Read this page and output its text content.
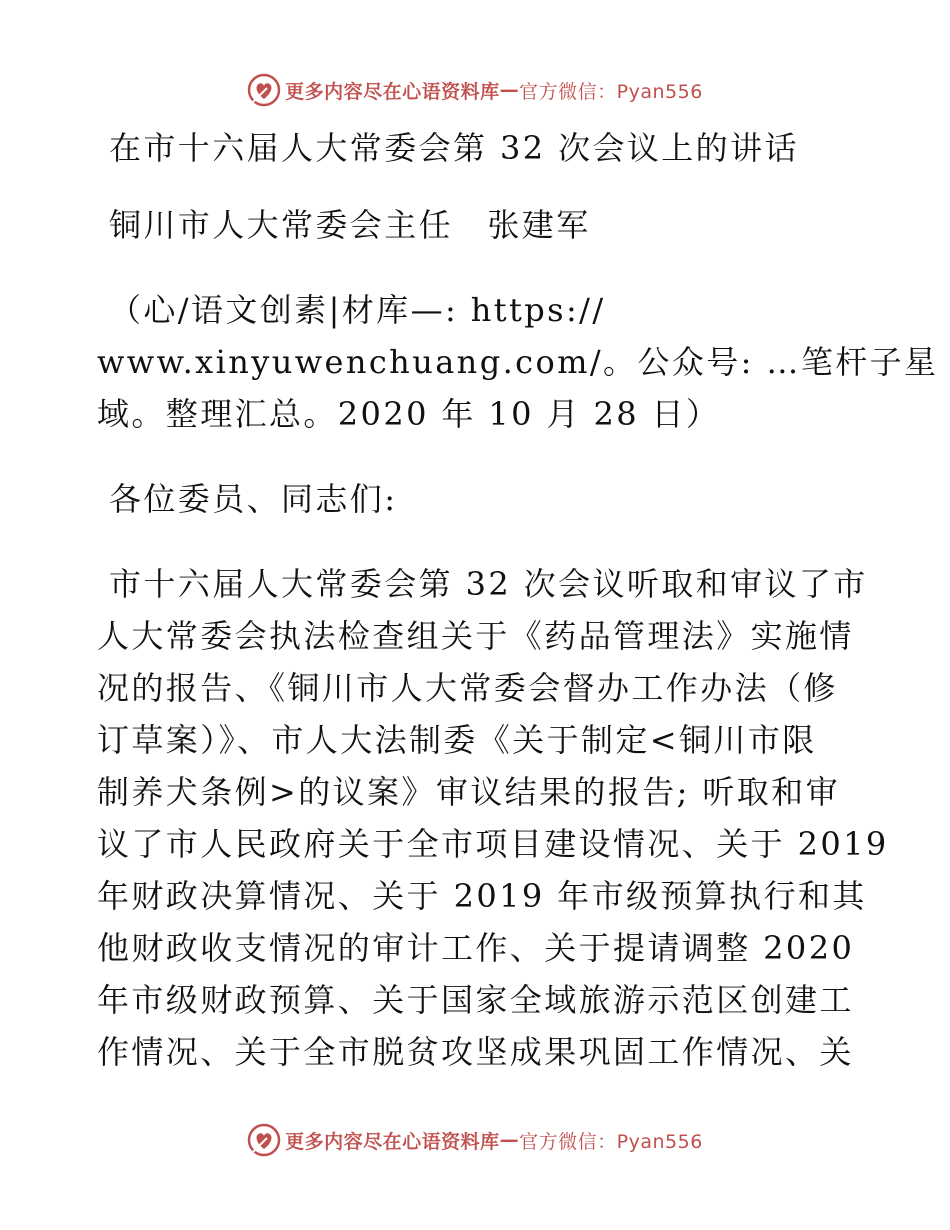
更多内容尽在心语资料库 — 官方微信：Pyan556
在市十六届人大常委会第 32 次会议上的讲话
铜川市人大常委会主任　张建军
（心/语文创素|材库—: https://
www.xinyuwenchuang.com/。公众号: …笔杆子星
域。整理汇总。2020 年 10 月 28 日）
各位委员、同志们:
市十六届人大常委会第 32 次会议听取和审议了市
人大常委会执法检查组关于《药品管理法》实施情
况的报告、《铜川市人大常委会督办工作办法（修
订草案）》、市人大法制委《关于制定<铜川市限
制养犬条例>的议案》审议结果的报告; 听取和审
议了市人民政府关于全市项目建设情况、关于 2019
年财政决算情况、关于 2019 年市级预算执行和其
他财政收支情况的审计工作、关于提请调整 2020
年市级财政预算、关于国家全域旅游示范区创建工
作情况、关于全市脱贫攻坚成果巩固工作情况、关
更多内容尽在心语资料库 — 官方微信：Pyan556
